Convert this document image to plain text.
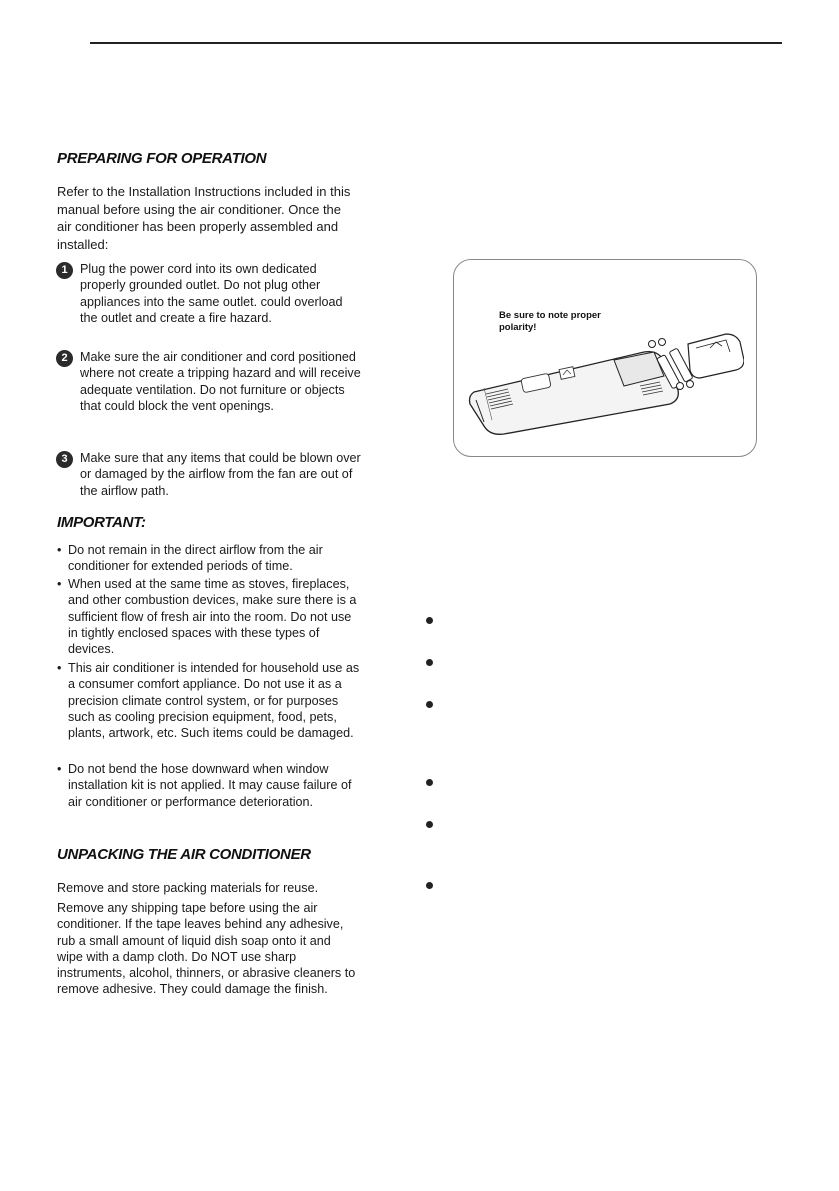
PREPARING FOR OPERATION

Refer to the Installation Instructions included in this manual before using the air conditioner. Once the air conditioner has been properly assembled and installed:

1 Plug the power cord into its own dedicated properly grounded outlet. Do not plug other appliances into the same outlet. could overload the outlet and create a fire hazard.
2 Make sure the air conditioner and cord positioned where not create a tripping hazard and will receive adequate ventilation. Do not furniture or objects that could block the vent openings.
3 Make sure that any items that could be blown over or damaged by the airflow from the fan are out of the airflow path.
IMPORTANT:
• Do not remain in the direct airflow from the air conditioner for extended periods of time.
• When used at the same time as stoves, fireplaces, and other combustion devices, make sure there is a sufficient flow of fresh air into the room. Do not use in tightly enclosed spaces with these types of devices.
• This air conditioner is intended for household use as a consumer comfort appliance. Do not use it as a precision climate control system, or for purposes such as cooling precision equipment, food, pets, plants, artwork, etc. Such items could be damaged.
• Do not bend the hose downward when window installation kit is not applied. It may cause failure of air conditioner or performance deterioration.
UNPACKING THE AIR CONDITIONER

Remove and store packing materials for reuse.

Remove any shipping tape before using the air conditioner. If the tape leaves behind any adhesive, rub a small amount of liquid dish soap onto it and wipe with a damp cloth. Do NOT use sharp instruments, alcohol, thinners, or abrasive cleaners to remove adhesive. They could damage the finish.

Be sure to note proper polarity!
